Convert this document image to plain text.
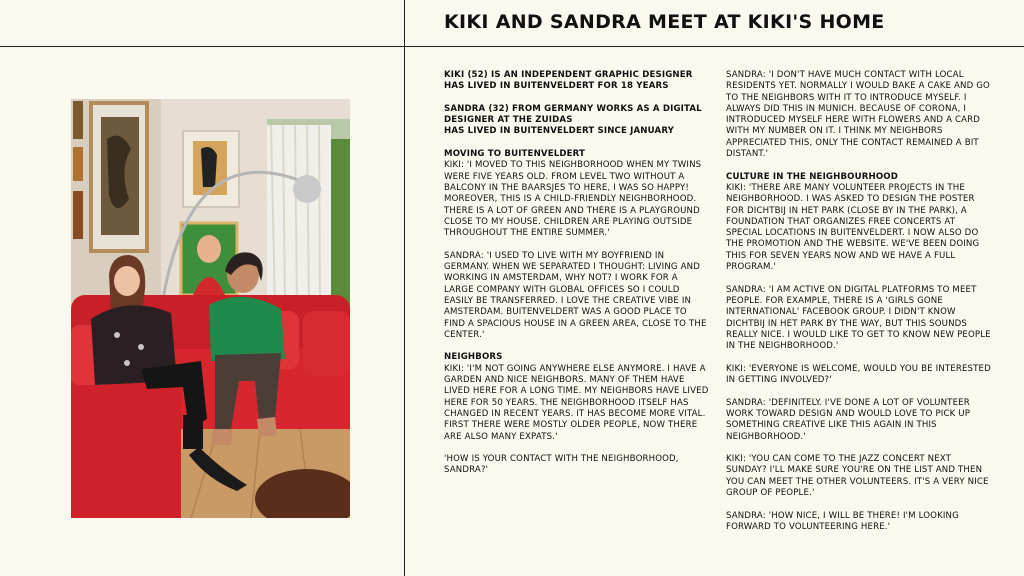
KIKI AND SANDRA MEET AT KIKI'S HOME

KIKI (52) IS AN INDEPENDENT GRAPHIC DESIGNER
HAS LIVED IN BUITENVELDERT FOR 18 YEARS

SANDRA (32) FROM GERMANY WORKS AS A DIGITAL DESIGNER AT THE ZUIDAS
HAS LIVED IN BUITENVELDERT SINCE JANUARY

MOVING TO BUITENVELDERT
KIKI: 'I MOVED TO THIS NEIGHBORHOOD WHEN MY TWINS WERE FIVE YEARS OLD. FROM LEVEL TWO WITHOUT A BALCONY IN THE BAARSJES TO HERE, I WAS SO HAPPY! MOREOVER, THIS IS A CHILD-FRIENDLY NEIGHBORHOOD. THERE IS A LOT OF GREEN AND THERE IS A PLAYGROUND CLOSE TO MY HOUSE. CHILDREN ARE PLAYING OUTSIDE THROUGHOUT THE ENTIRE SUMMER.'

SANDRA: 'I USED TO LIVE WITH MY BOYFRIEND IN GERMANY. WHEN WE SEPARATED I THOUGHT: LIVING AND WORKING IN AMSTERDAM, WHY NOT? I WORK FOR A LARGE COMPANY WITH GLOBAL OFFICES SO I COULD EASILY BE TRANSFERRED. I LOVE THE CREATIVE VIBE IN AMSTERDAM. BUITENVELDERT WAS A GOOD PLACE TO FIND A SPACIOUS HOUSE IN A GREEN AREA, CLOSE TO THE CENTER.'

NEIGHBORS
KIKI: 'I'M NOT GOING ANYWHERE ELSE ANYMORE. I HAVE A GARDEN AND NICE NEIGHBORS. MANY OF THEM HAVE LIVED HERE FOR A LONG TIME. MY NEIGHBORS HAVE LIVED HERE FOR 50 YEARS. THE NEIGHBORHOOD ITSELF HAS CHANGED IN RECENT YEARS. IT HAS BECOME MORE VITAL. FIRST THERE WERE MOSTLY OLDER PEOPLE, NOW THERE ARE ALSO MANY EXPATS.'

'HOW IS YOUR CONTACT WITH THE NEIGHBORHOOD, SANDRA?'

SANDRA: 'I DON'T HAVE MUCH CONTACT WITH LOCAL RESIDENTS YET. NORMALLY I WOULD BAKE A CAKE AND GO TO THE NEIGHBORS WITH IT TO INTRODUCE MYSELF. I ALWAYS DID THIS IN MUNICH. BECAUSE OF CORONA, I INTRODUCED MYSELF HERE WITH FLOWERS AND A CARD WITH MY NUMBER ON IT. I THINK MY NEIGHBORS APPRECIATED THIS, ONLY THE CONTACT REMAINED A BIT DISTANT.'

CULTURE IN THE NEIGHBOURHOOD
KIKI: 'THERE ARE MANY VOLUNTEER PROJECTS IN THE NEIGHBORHOOD. I WAS ASKED TO DESIGN THE POSTER FOR DICHTBIJ IN HET PARK (CLOSE BY IN THE PARK), A FOUNDATION THAT ORGANIZES FREE CONCERTS AT SPECIAL LOCATIONS IN BUITENVELDERT. I NOW ALSO DO THE PROMOTION AND THE WEBSITE. WE'VE BEEN DOING THIS FOR SEVEN YEARS NOW AND WE HAVE A FULL PROGRAM.'

SANDRA: 'I AM ACTIVE ON DIGITAL PLATFORMS TO MEET PEOPLE. FOR EXAMPLE, THERE IS A 'GIRLS GONE INTERNATIONAL' FACEBOOK GROUP. I DIDN'T KNOW DICHTBIJ IN HET PARK BY THE WAY, BUT THIS SOUNDS REALLY NICE. I WOULD LIKE TO GET TO KNOW NEW PEOPLE IN THE NEIGHBORHOOD.'

KIKI: 'EVERYONE IS WELCOME, WOULD YOU BE INTERESTED IN GETTING INVOLVED?'

SANDRA: 'DEFINITELY. I'VE DONE A LOT OF VOLUNTEER WORK TOWARD DESIGN AND WOULD LOVE TO PICK UP SOMETHING CREATIVE LIKE THIS AGAIN IN THIS NEIGHBORHOOD.'

KIKI: 'YOU CAN COME TO THE JAZZ CONCERT NEXT SUNDAY? I'LL MAKE SURE YOU'RE ON THE LIST AND THEN YOU CAN MEET THE OTHER VOLUNTEERS. IT'S A VERY NICE GROUP OF PEOPLE.'

SANDRA: 'HOW NICE, I WILL BE THERE! I'M LOOKING FORWARD TO VOLUNTEERING HERE.'
